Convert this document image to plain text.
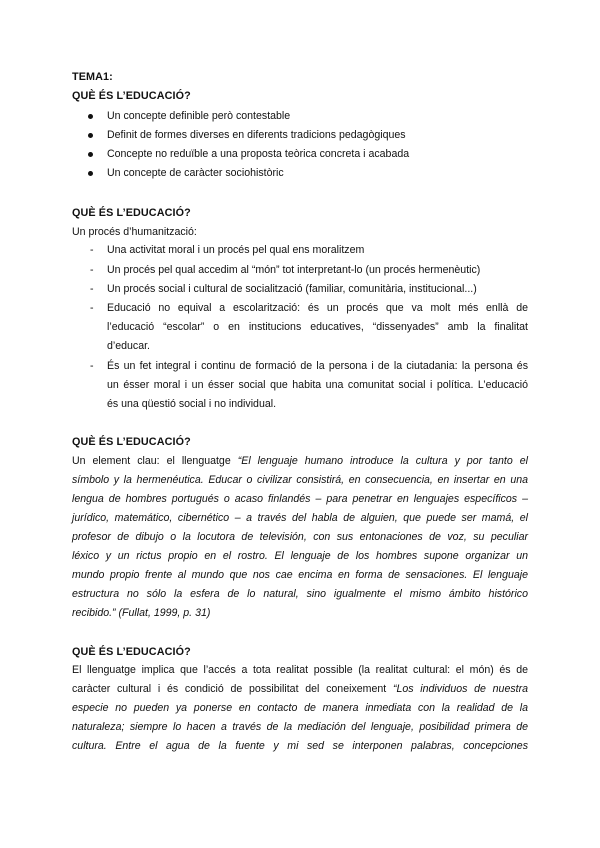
TEMA1:
QUÈ ÉS L’EDUCACIÓ?
Un concepte definible però contestable
Definit de formes diverses en diferents tradicions pedagògiques
Concepte no reduïble a una proposta teòrica concreta i acabada
Un concepte de caràcter sociohistòric
QUÈ ÉS L’EDUCACIÓ?
Un procés d’humanització:
- Una activitat moral i un procés pel qual ens moralitzem
- Un procés pel qual accedim al “món” tot interpretant-lo (un procés hermenèutic)
- Un procés social i cultural de socialització (familiar, comunitària, institucional...)
- Educació no equival a escolarització: és un procés que va molt més enllà de
l’educació “escolar” o en institucions educatives, “dissenyades” amb la finalitat
d’educar.
- És un fet integral i continu de formació de la persona i de la ciutadania: la persona és
un ésser moral i un ésser social que habita una comunitat social i política. L’educació
és una qüestió social i no individual.
QUÈ ÉS L’EDUCACIÓ?
Un element clau: el llenguatge “El lenguaje humano introduce la cultura y por tanto el
símbolo y la hermenéutica. Educar o civilizar consistirá, en consecuencia, en insertar en una
lengua de hombres portugués o acaso finlandés – para penetrar en lenguajes específicos –
jurídico, matemático, cibernético – a través del habla de alguien, que puede ser mamá, el
profesor de dibujo o la locutora de televisión, con sus entonaciones de voz, su peculiar
léxico y un rictus propio en el rostro. El lenguaje de los hombres supone organizar un
mundo propio frente al mundo que nos cae encima en forma de sensaciones. El lenguaje
estructura no sólo la esfera de lo natural, sino igualmente el mismo ámbito histórico
recibido.” (Fullat, 1999, p. 31)
QUÈ ÉS L’EDUCACIÓ?
El llenguatge implica que l’accés a tota realitat possible (la realitat cultural: el món) és de
caràcter cultural i és condició de possibilitat del coneixement “Los individuos de nuestra
especie no pueden ya ponerse en contacto de manera inmediata con la realidad de la
naturaleza; siempre lo hacen a través de la mediación del lenguaje, posibilidad primera de
cultura. Entre el agua de la fuente y mi sed se interponen palabras, concepciones
